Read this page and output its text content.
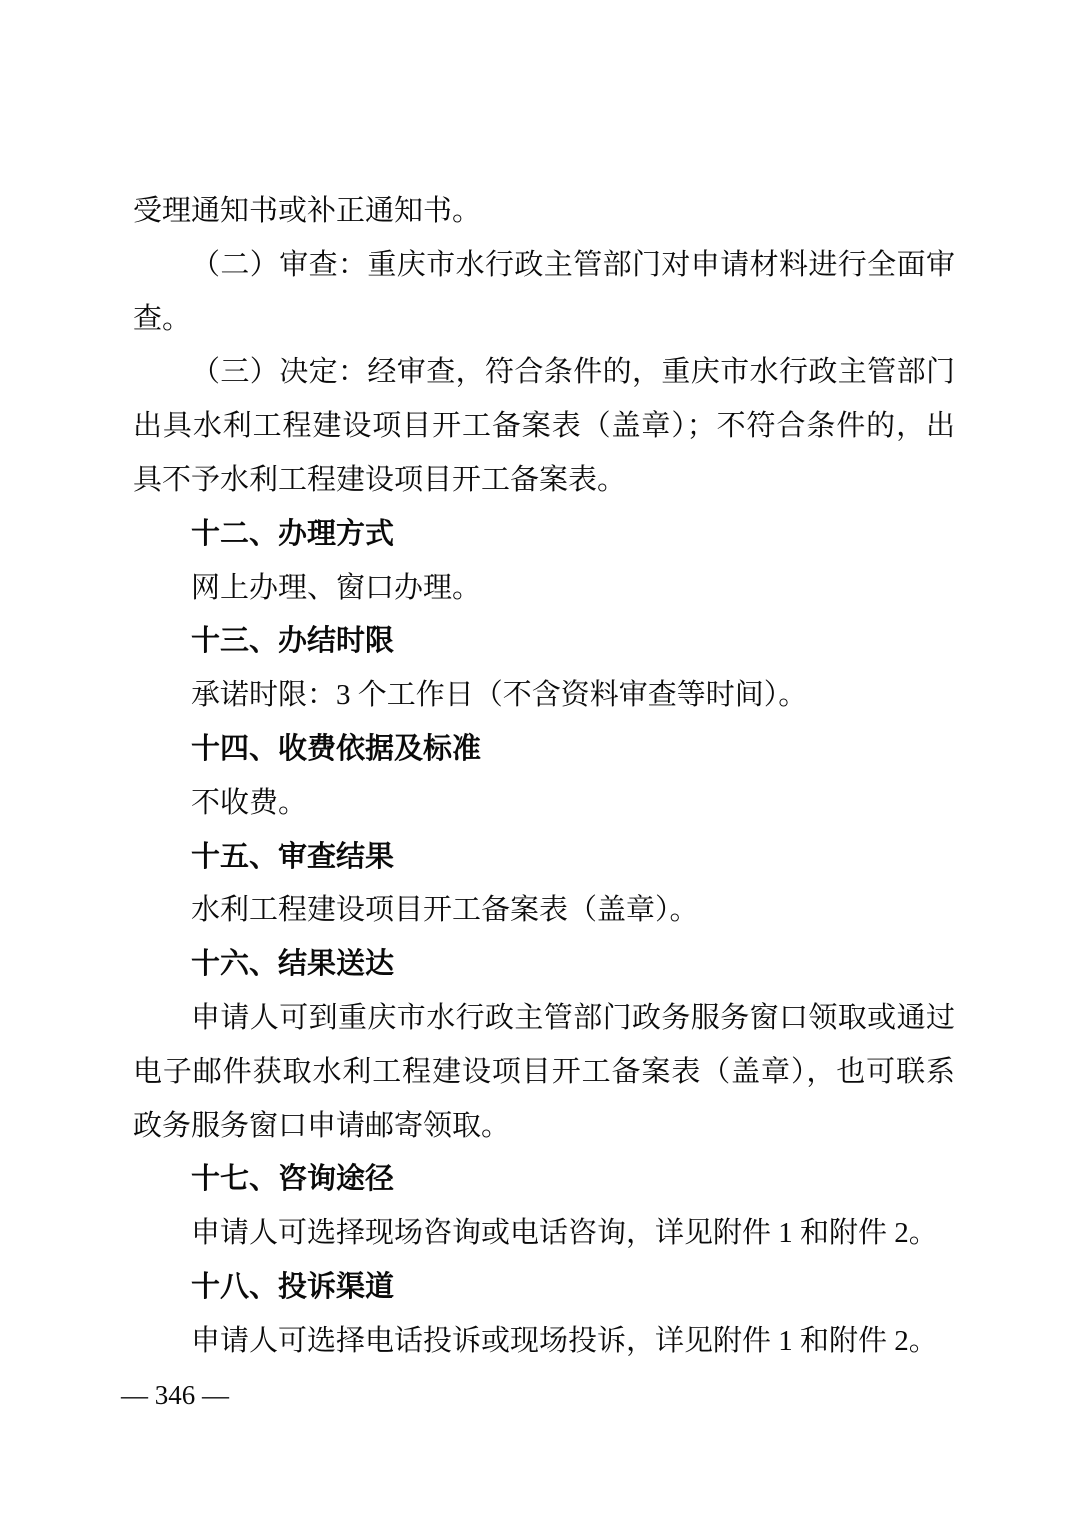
受理通知书或补正通知书。

（二）审查：重庆市水行政主管部门对申请材料进行全面审查。

（三）决定：经审查，符合条件的，重庆市水行政主管部门出具水利工程建设项目开工备案表（盖章）；不符合条件的，出具不予水利工程建设项目开工备案表。

十二、办理方式

网上办理、窗口办理。

十三、办结时限

承诺时限：3 个工作日（不含资料审查等时间）。

十四、收费依据及标准

不收费。

十五、审查结果

水利工程建设项目开工备案表（盖章）。

十六、结果送达

申请人可到重庆市水行政主管部门政务服务窗口领取或通过电子邮件获取水利工程建设项目开工备案表（盖章），也可联系政务服务窗口申请邮寄领取。

十七、咨询途径

申请人可选择现场咨询或电话咨询，详见附件 1 和附件 2。

十八、投诉渠道

申请人可选择电话投诉或现场投诉，详见附件 1 和附件 2。

— 346 —
